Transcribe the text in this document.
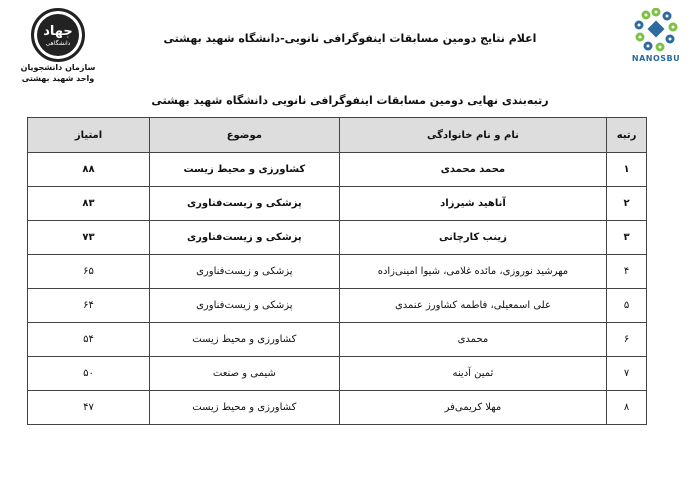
جهاد
دانشگاهی
سازمان دانشجویان
واحد شهید بهشتی
اعلام نتایج دومین مسابقات اینفوگرافی نانویی-دانشگاه شهید بهشتی
NANOSBU
رتبه‌بندی نهایی دومین مسابقات اینفوگرافی نانویی دانشگاه شهید بهشتی
رتبه	نام و نام خانوادگی	موضوع	امتیاز
۱	محمد محمدی	کشاورزی و محیط زیست	۸۸
۲	آناهید شیرزاد	پزشکی و زیست‌فناوری	۸۳
۳	زینب کارچانی	پزشکی و زیست‌فناوری	۷۳
۴	مهرشید نوروزی، مائده غلامی، شیوا امینی‌زاده	پزشکی و زیست‌فناوری	۶۵
۵	علی اسمعیلی، فاطمه کشاورز عنمدی	پزشکی و زیست‌فناوری	۶۴
۶	محمدی	کشاورزی و محیط زیست	۵۴
۷	ثمین آدینه	شیمی و صنعت	۵۰
۸	مهلا کریمی‌فر	کشاورزی و محیط زیست	۴۷
